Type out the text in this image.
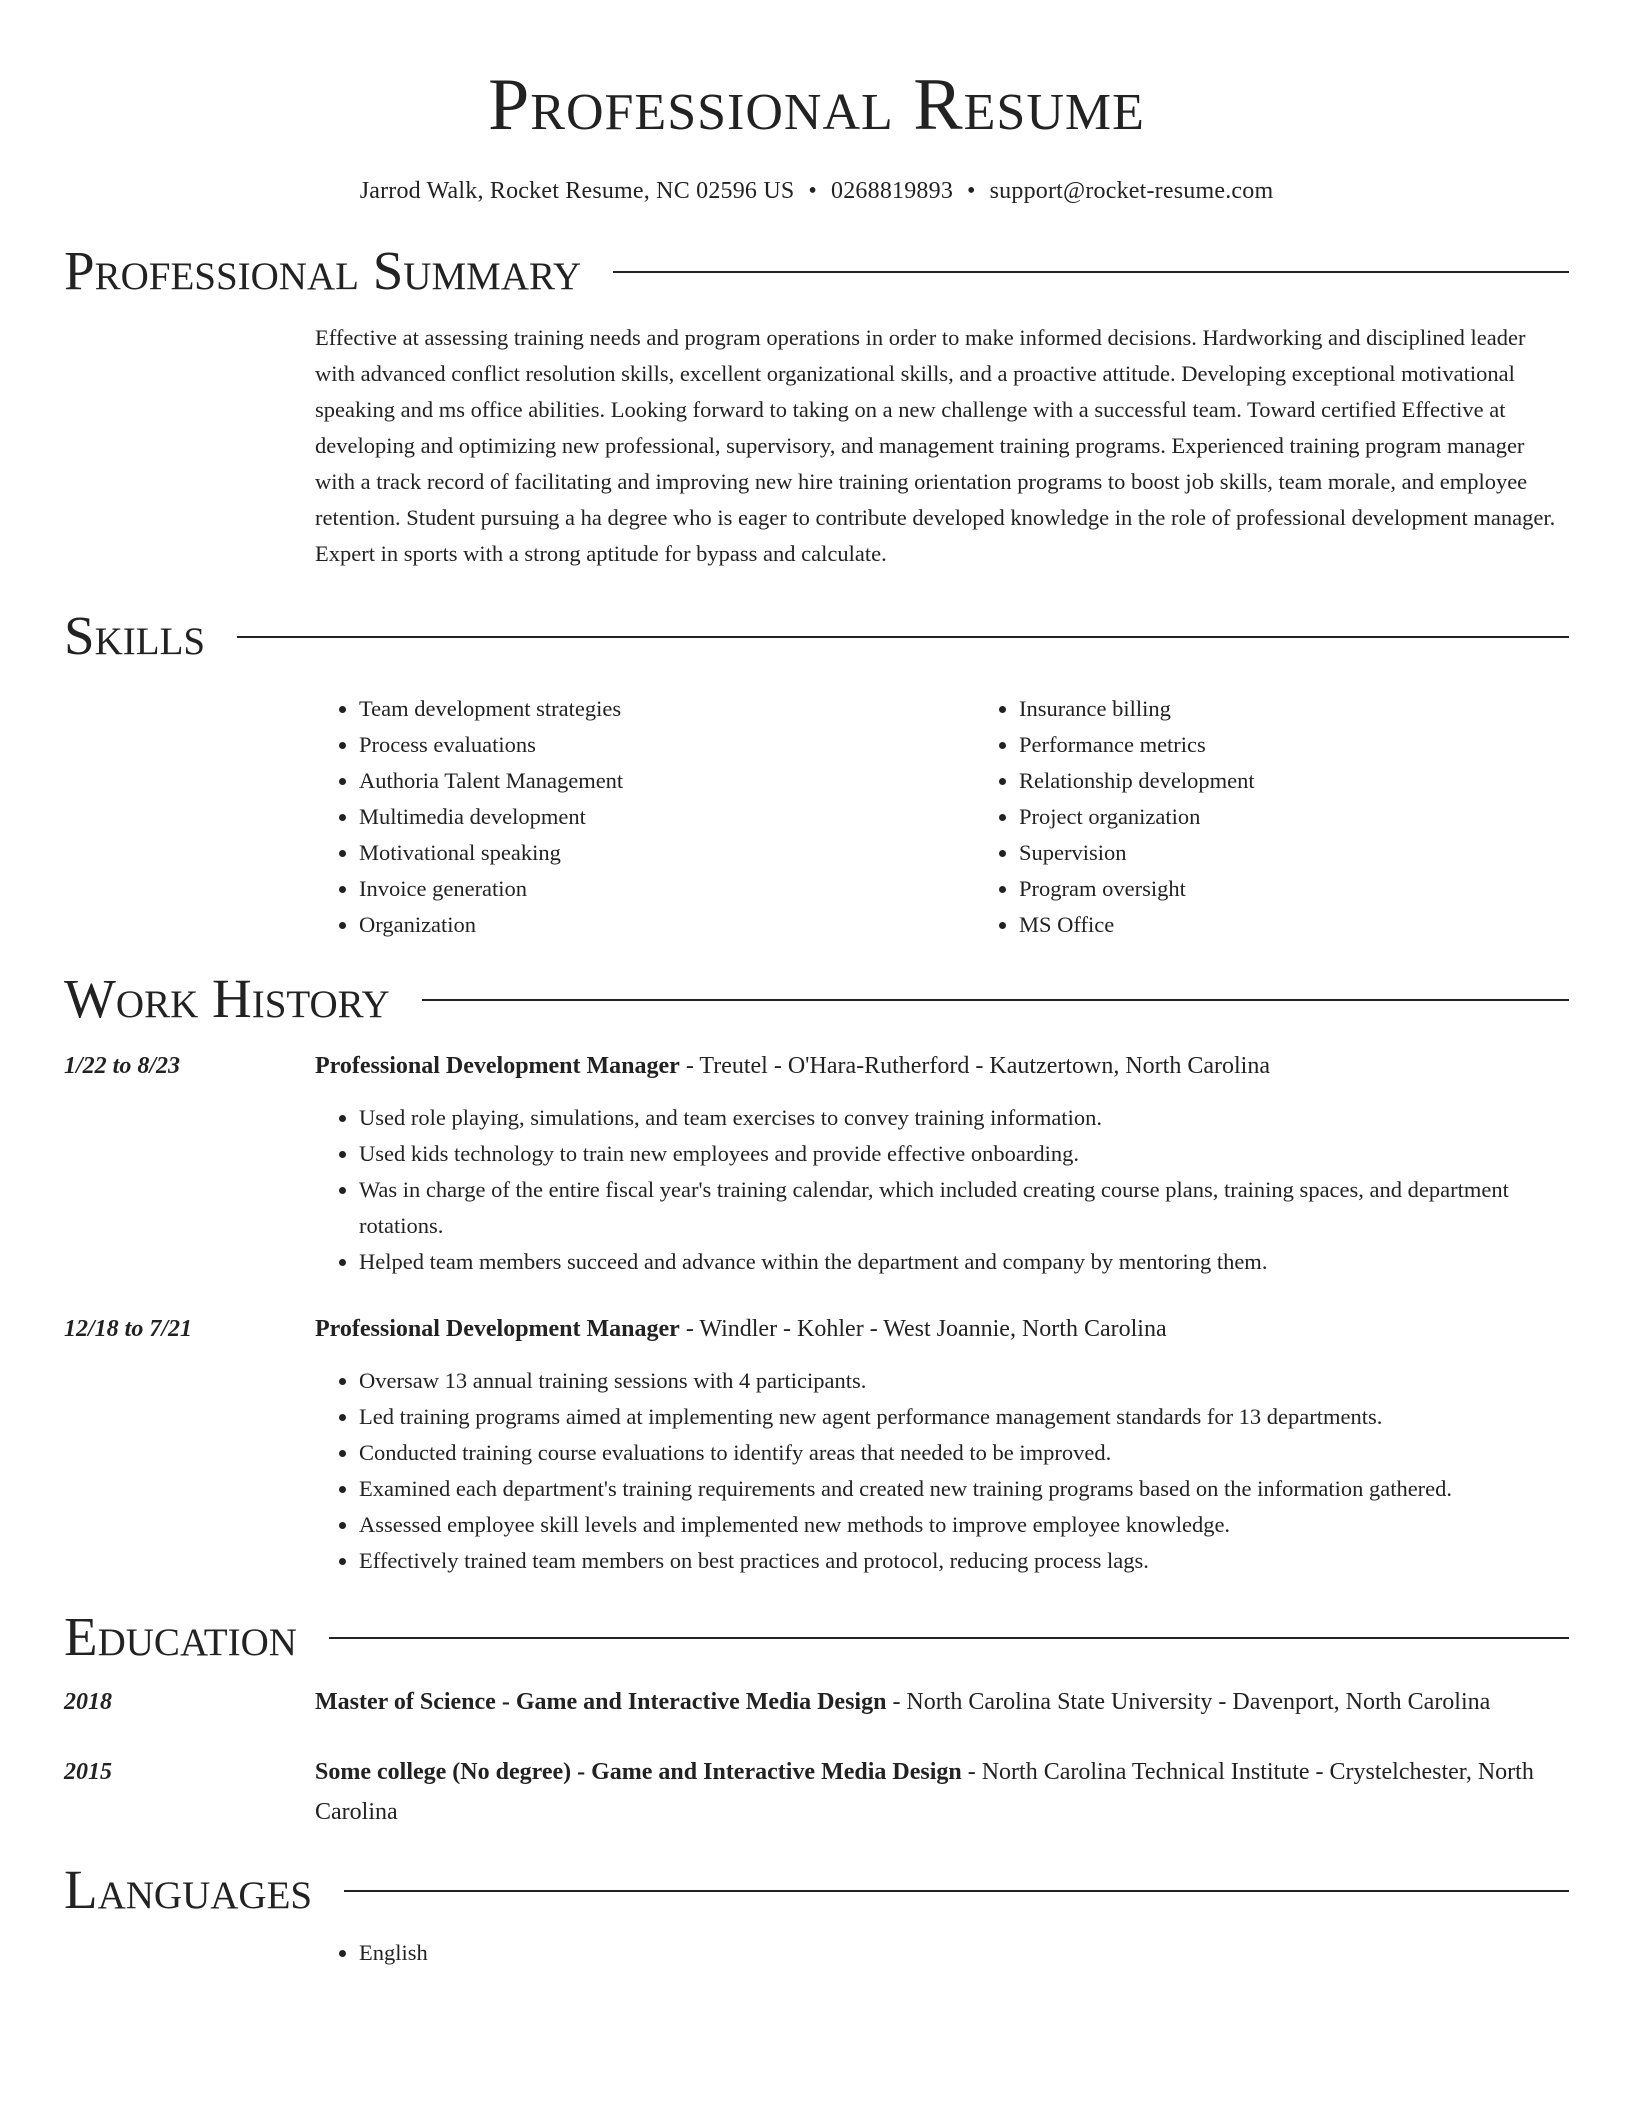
Professional Resume
Jarrod Walk, Rocket Resume, NC 02596 US • 0268819893 • support@rocket-resume.com
Professional Summary
Effective at assessing training needs and program operations in order to make informed decisions. Hardworking and disciplined leader with advanced conflict resolution skills, excellent organizational skills, and a proactive attitude. Developing exceptional motivational speaking and ms office abilities. Looking forward to taking on a new challenge with a successful team. Toward certified Effective at developing and optimizing new professional, supervisory, and management training programs. Experienced training program manager with a track record of facilitating and improving new hire training orientation programs to boost job skills, team morale, and employee retention. Student pursuing a ha degree who is eager to contribute developed knowledge in the role of professional development manager. Expert in sports with a strong aptitude for bypass and calculate.
Skills
• Team development strategies
• Process evaluations
• Authoria Talent Management
• Multimedia development
• Motivational speaking
• Invoice generation
• Organization
• Insurance billing
• Performance metrics
• Relationship development
• Project organization
• Supervision
• Program oversight
• MS Office
Work History
1/22 to 8/23	Professional Development Manager - Treutel - O'Hara-Rutherford - Kautzertown, North Carolina
• Used role playing, simulations, and team exercises to convey training information.
• Used kids technology to train new employees and provide effective onboarding.
• Was in charge of the entire fiscal year's training calendar, which included creating course plans, training spaces, and department rotations.
• Helped team members succeed and advance within the department and company by mentoring them.
12/18 to 7/21	Professional Development Manager - Windler - Kohler - West Joannie, North Carolina
• Oversaw 13 annual training sessions with 4 participants.
• Led training programs aimed at implementing new agent performance management standards for 13 departments.
• Conducted training course evaluations to identify areas that needed to be improved.
• Examined each department's training requirements and created new training programs based on the information gathered.
• Assessed employee skill levels and implemented new methods to improve employee knowledge.
• Effectively trained team members on best practices and protocol, reducing process lags.
Education
2018	Master of Science - Game and Interactive Media Design - North Carolina State University - Davenport, North Carolina
2015	Some college (No degree) - Game and Interactive Media Design - North Carolina Technical Institute - Crystelchester, North Carolina
Languages
• English
